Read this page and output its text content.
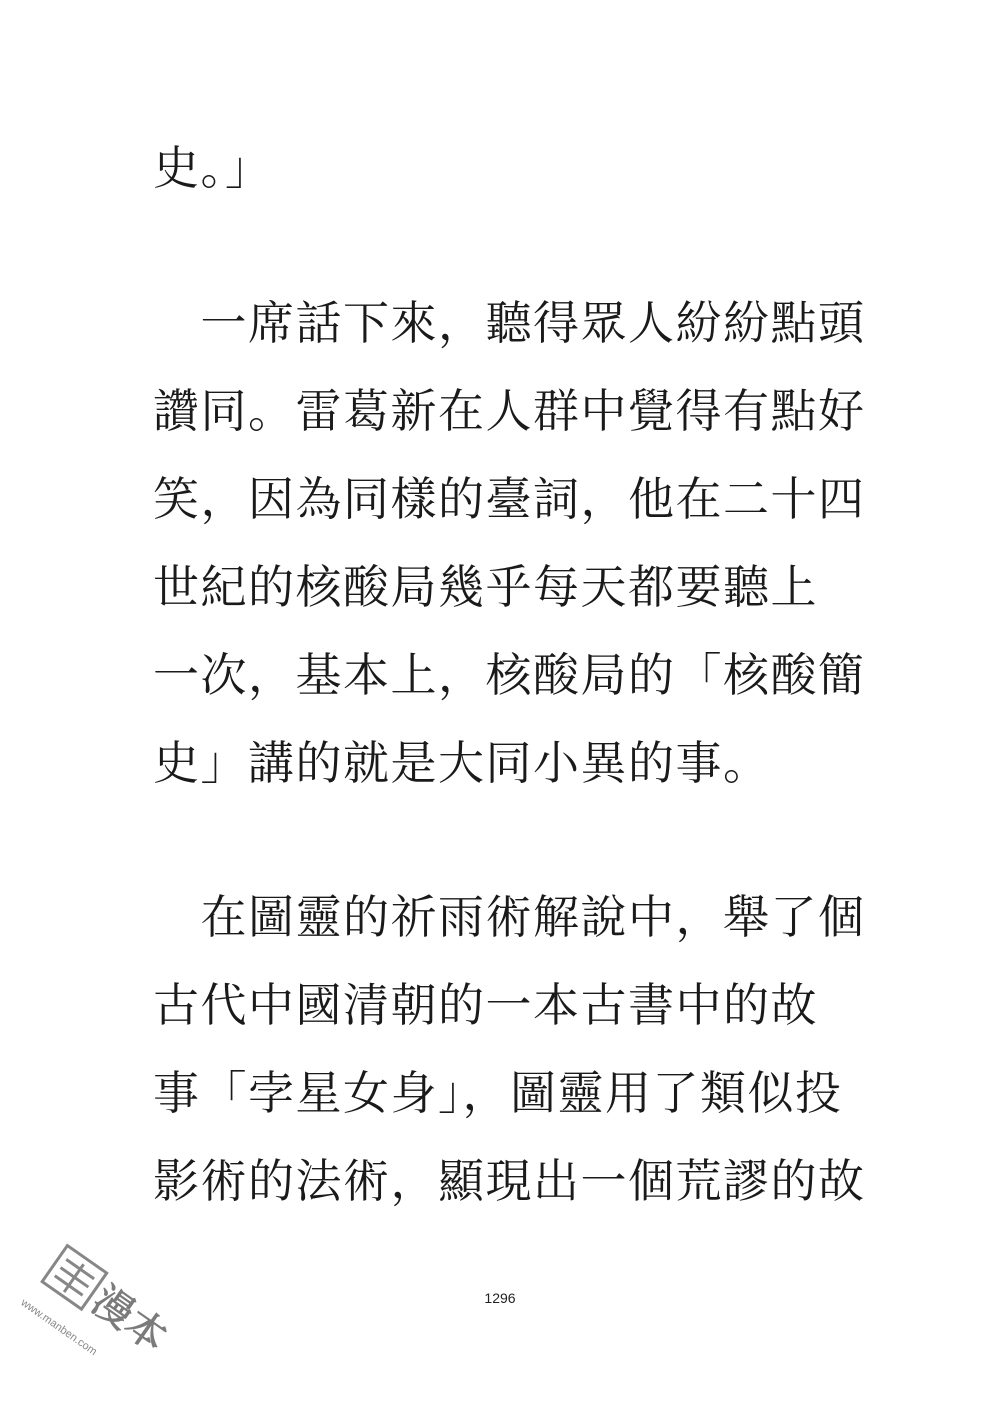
史。」
　一席話下來，聽得眾人紛紛點頭
讚同。雷葛新在人群中覺得有點好
笑，因為同樣的臺詞，他在二十四
世紀的核酸局幾乎每天都要聽上
一次，基本上，核酸局的「核酸簡
史」講的就是大同小異的事。
　在圖靈的祈雨術解說中，舉了個
古代中國清朝的一本古書中的故
事「孛星女身」，圖靈用了類似投
影術的法術，顯現出一個荒謬的故
1296
漫本
www.manben.com
